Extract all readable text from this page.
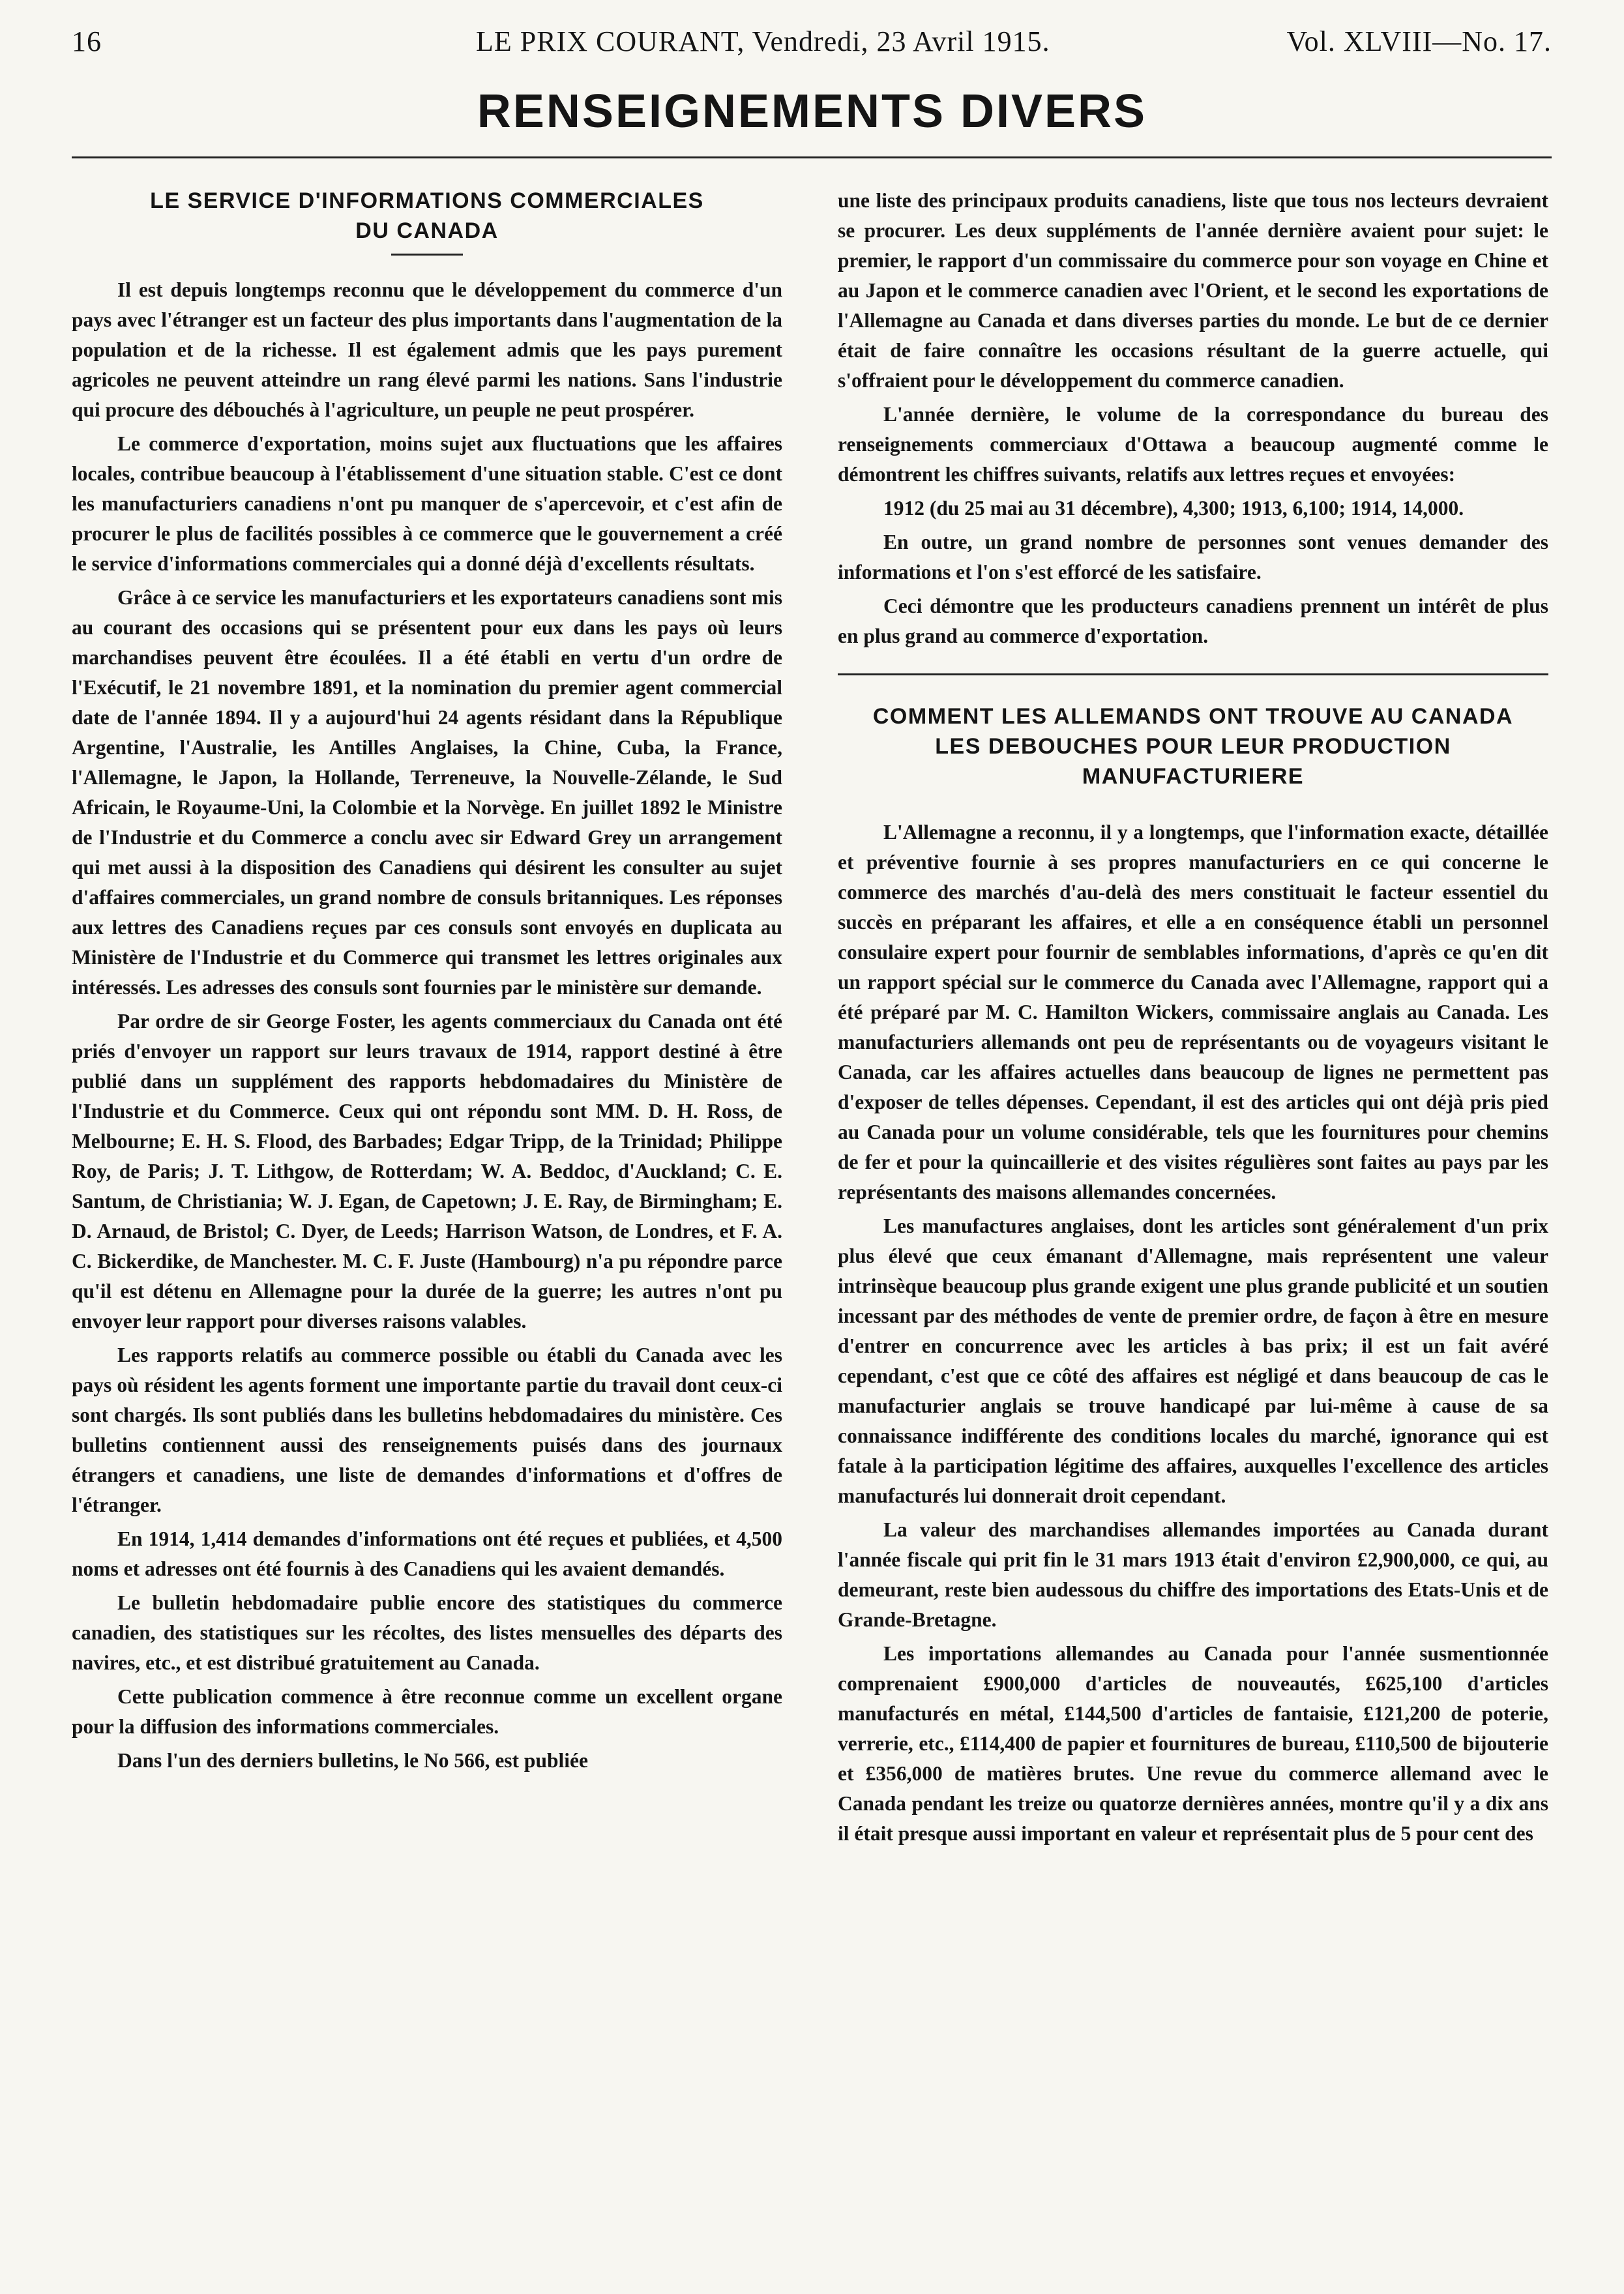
16	LE PRIX COURANT, Vendredi, 23 Avril 1915.	Vol. XLVIII—No. 17.
RENSEIGNEMENTS DIVERS
LE SERVICE D'INFORMATIONS COMMERCIALES
DU CANADA

Il est depuis longtemps reconnu que le développement du commerce d'un pays avec l'étranger est un facteur des plus importants dans l'augmentation de la population et de la richesse. Il est également admis que les pays purement agricoles ne peuvent atteindre un rang élevé parmi les nations. Sans l'industrie qui procure des débouchés à l'agriculture, un peuple ne peut prospérer.

Le commerce d'exportation, moins sujet aux fluctuations que les affaires locales, contribue beaucoup à l'établissement d'une situation stable. C'est ce dont les manufacturiers canadiens n'ont pu manquer de s'apercevoir, et c'est afin de procurer le plus de facilités possibles à ce commerce que le gouvernement a créé le service d'informations commerciales qui a donné déjà d'excellents résultats.

Grâce à ce service les manufacturiers et les exportateurs canadiens sont mis au courant des occasions qui se présentent pour eux dans les pays où leurs marchandises peuvent être écoulées. Il a été établi en vertu d'un ordre de l'Exécutif, le 21 novembre 1891, et la nomination du premier agent commercial date de l'année 1894. Il y a aujourd'hui 24 agents résidant dans la République Argentine, l'Australie, les Antilles Anglaises, la Chine, Cuba, la France, l'Allemagne, le Japon, la Hollande, Terreneuve, la Nouvelle-Zélande, le Sud Africain, le Royaume-Uni, la Colombie et la Norvège. En juillet 1892 le Ministre de l'Industrie et du Commerce a conclu avec sir Edward Grey un arrangement qui met aussi à la disposition des Canadiens qui désirent les consulter au sujet d'affaires commerciales, un grand nombre de consuls britanniques. Les réponses aux lettres des Canadiens reçues par ces consuls sont envoyés en duplicata au Ministère de l'Industrie et du Commerce qui transmet les lettres originales aux intéressés. Les adresses des consuls sont fournies par le ministère sur demande.

Par ordre de sir George Foster, les agents commerciaux du Canada ont été priés d'envoyer un rapport sur leurs travaux de 1914, rapport destiné à être publié dans un supplément des rapports hebdomadaires du Ministère de l'Industrie et du Commerce. Ceux qui ont répondu sont MM. D. H. Ross, de Melbourne; E. H. S. Flood, des Barbades; Edgar Tripp, de la Trinidad; Philippe Roy, de Paris; J. T. Lithgow, de Rotterdam; W. A. Beddoc, d'Auckland; C. E. Santum, de Christiania; W. J. Egan, de Capetown; J. E. Ray, de Birmingham; E. D. Arnaud, de Bristol; C. Dyer, de Leeds; Harrison Watson, de Londres, et F. A. C. Bickerdike, de Manchester. M. C. F. Juste (Hambourg) n'a pu répondre parce qu'il est détenu en Allemagne pour la durée de la guerre; les autres n'ont pu envoyer leur rapport pour diverses raisons valables.

Les rapports relatifs au commerce possible ou établi du Canada avec les pays où résident les agents forment une importante partie du travail dont ceux-ci sont chargés. Ils sont publiés dans les bulletins hebdomadaires du ministère. Ces bulletins contiennent aussi des renseignements puisés dans des journaux étrangers et canadiens, une liste de demandes d'informations et d'offres de l'étranger.

En 1914, 1,414 demandes d'informations ont été reçues et publiées, et 4,500 noms et adresses ont été fournis à des Canadiens qui les avaient demandés.

Le bulletin hebdomadaire publie encore des statistiques du commerce canadien, des statistiques sur les récoltes, des listes mensuelles des départs des navires, etc., et est distribué gratuitement au Canada.

Cette publication commence à être reconnue comme un excellent organe pour la diffusion des informations commerciales.

Dans l'un des derniers bulletins, le No 566, est publiée

une liste des principaux produits canadiens, liste que tous nos lecteurs devraient se procurer. Les deux suppléments de l'année dernière avaient pour sujet: le premier, le rapport d'un commissaire du commerce pour son voyage en Chine et au Japon et le commerce canadien avec l'Orient, et le second les exportations de l'Allemagne au Canada et dans diverses parties du monde. Le but de ce dernier était de faire connaître les occasions résultant de la guerre actuelle, qui s'offraient pour le développement du commerce canadien.

L'année dernière, le volume de la correspondance du bureau des renseignements commerciaux d'Ottawa a beaucoup augmenté comme le démontrent les chiffres suivants, relatifs aux lettres reçues et envoyées:

1912 (du 25 mai au 31 décembre), 4,300; 1913, 6,100; 1914, 14,000.

En outre, un grand nombre de personnes sont venues demander des informations et l'on s'est efforcé de les satisfaire.

Ceci démontre que les producteurs canadiens prennent un intérêt de plus en plus grand au commerce d'exportation.

COMMENT LES ALLEMANDS ONT TROUVE AU CANADA
LES DEBOUCHES POUR LEUR PRODUCTION
MANUFACTURIERE

L'Allemagne a reconnu, il y a longtemps, que l'information exacte, détaillée et préventive fournie à ses propres manufacturiers en ce qui concerne le commerce des marchés d'au-delà des mers constituait le facteur essentiel du succès en préparant les affaires, et elle a en conséquence établi un personnel consulaire expert pour fournir de semblables informations, d'après ce qu'en dit un rapport spécial sur le commerce du Canada avec l'Allemagne, rapport qui a été préparé par M. C. Hamilton Wickers, commissaire anglais au Canada. Les manufacturiers allemands ont peu de représentants ou de voyageurs visitant le Canada, car les affaires actuelles dans beaucoup de lignes ne permettent pas d'exposer de telles dépenses. Cependant, il est des articles qui ont déjà pris pied au Canada pour un volume considérable, tels que les fournitures pour chemins de fer et pour la quincaillerie et des visites régulières sont faites au pays par les représentants des maisons allemandes concernées.

Les manufactures anglaises, dont les articles sont généralement d'un prix plus élevé que ceux émanant d'Allemagne, mais représentent une valeur intrinsèque beaucoup plus grande exigent une plus grande publicité et un soutien incessant par des méthodes de vente de premier ordre, de façon à être en mesure d'entrer en concurrence avec les articles à bas prix; il est un fait avéré cependant, c'est que ce côté des affaires est négligé et dans beaucoup de cas le manufacturier anglais se trouve handicapé par lui-même à cause de sa connaissance indifférente des conditions locales du marché, ignorance qui est fatale à la participation légitime des affaires, auxquelles l'excellence des articles manufacturés lui donnerait droit cependant.

La valeur des marchandises allemandes importées au Canada durant l'année fiscale qui prit fin le 31 mars 1913 était d'environ £2,900,000, ce qui, au demeurant, reste bien audessous du chiffre des importations des Etats-Unis et de Grande-Bretagne.

Les importations allemandes au Canada pour l'année susmentionnée comprenaient £900,000 d'articles de nouveautés, £625,100 d'articles manufacturés en métal, £144,500 d'articles de fantaisie, £121,200 de poterie, verrerie, etc., £114,400 de papier et fournitures de bureau, £110,500 de bijouterie et £356,000 de matières brutes. Une revue du commerce allemand avec le Canada pendant les treize ou quatorze dernières années, montre qu'il y a dix ans il était presque aussi important en valeur et représentait plus de 5 pour cent des
